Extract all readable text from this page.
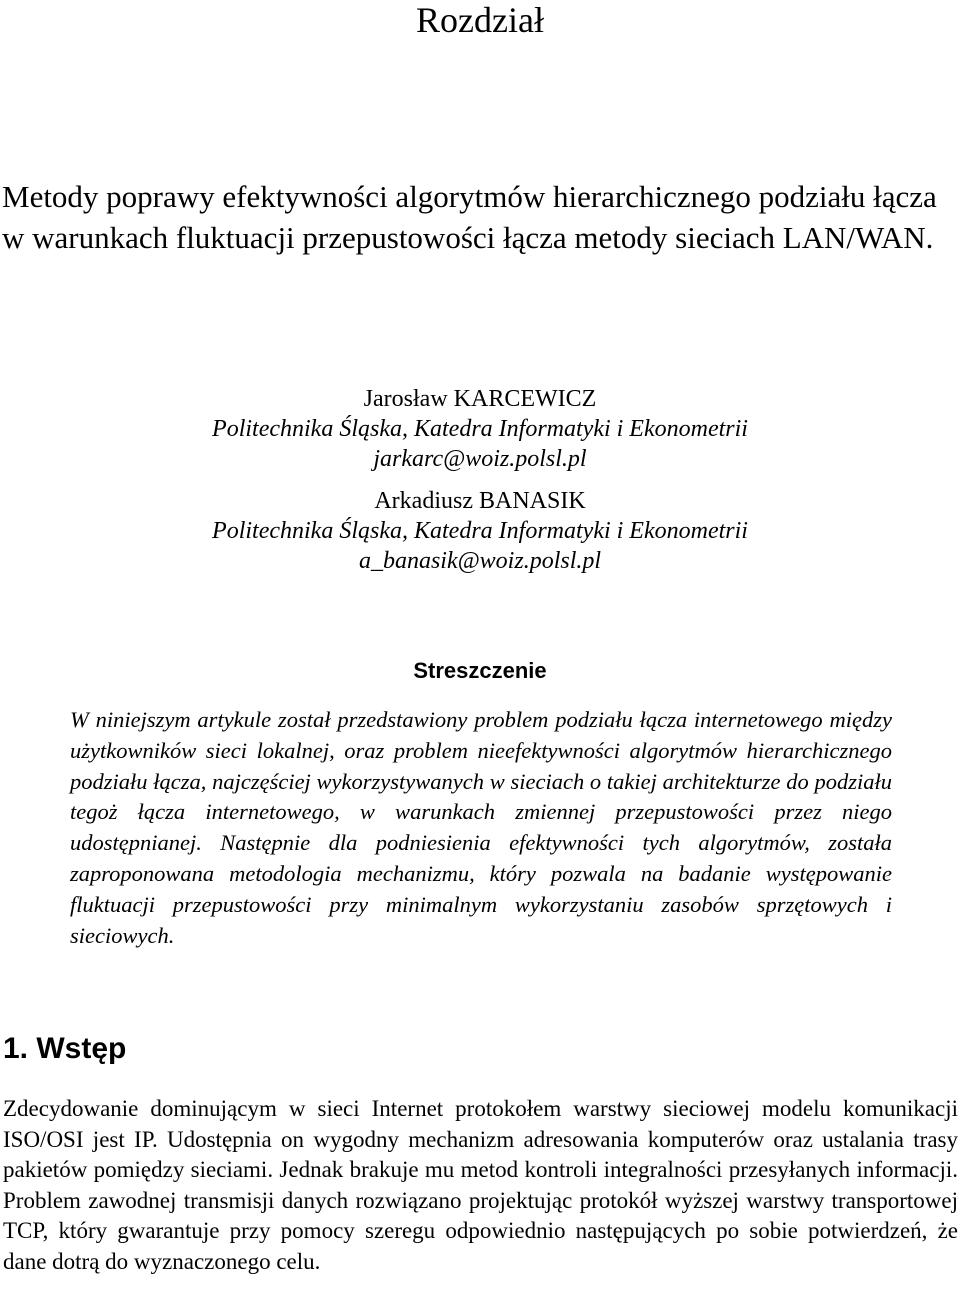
Rozdział
Metody poprawy efektywności algorytmów hierarchicznego podziału łącza w warunkach fluktuacji przepustowości łącza metody sieciach LAN/WAN.
Jarosław KARCEWICZ
Politechnika Śląska, Katedra Informatyki i Ekonometrii
jarkarc@woiz.polsl.pl
Arkadiusz BANASIK
Politechnika Śląska, Katedra Informatyki i Ekonometrii
a_banasik@woiz.polsl.pl
Streszczenie

W niniejszym artykule został przedstawiony problem podziału łącza internetowego między użytkowników sieci lokalnej, oraz problem nieefektywności algorytmów hierarchicznego podziału łącza, najczęściej wykorzystywanych w sieciach o takiej architekturze do podziału tegoż łącza internetowego, w warunkach zmiennej przepustowości przez niego udostępnianej. Następnie dla podniesienia efektywności tych algorytmów, została zaproponowana metodologia mechanizmu, który pozwala na badanie występowanie fluktuacji przepustowości przy minimalnym wykorzystaniu zasobów sprzętowych i sieciowych.

1. Wstęp

Zdecydowanie dominującym w sieci Internet protokołem warstwy sieciowej modelu komunikacji ISO/OSI jest IP. Udostępnia on wygodny mechanizm adresowania komputerów oraz ustalania trasy pakietów pomiędzy sieciami. Jednak brakuje mu metod kontroli integralności przesyłanych informacji. Problem zawodnej transmisji danych rozwiązano projektując protokół wyższej warstwy transportowej TCP, który gwarantuje przy pomocy szeregu odpowiednio następujących po sobie potwierdzeń, że dane dotrą do wyznaczonego celu.
